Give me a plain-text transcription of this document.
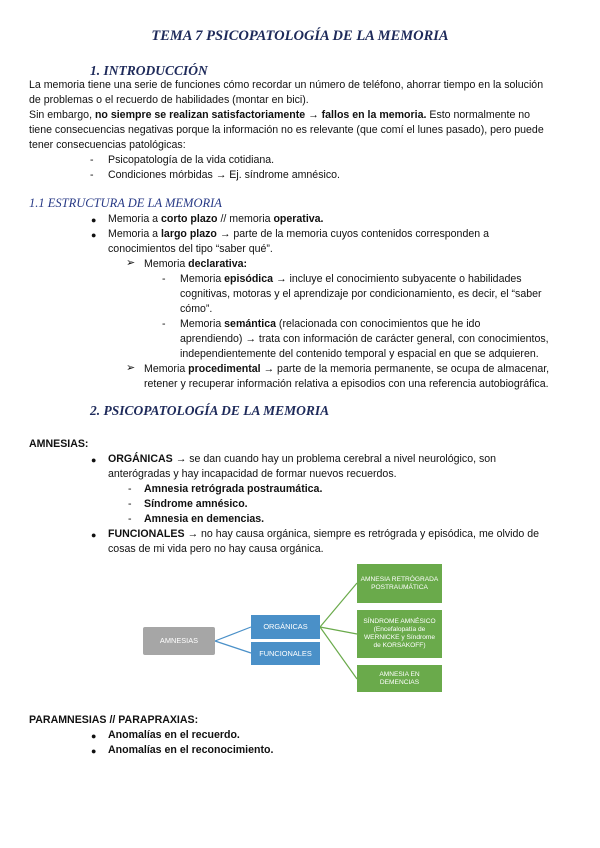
TEMA 7 PSICOPATOLOGÍA DE LA MEMORIA
1. INTRODUCCIÓN
La memoria tiene una serie de funciones cómo recordar un número de teléfono, ahorrar tiempo en la solución
de problemas o el recuerdo de habilidades (montar en bici).
Sin embargo, no siempre se realizan satisfactoriamente → fallos en la memoria. Esto normalmente no
tiene consecuencias negativas porque la información no es relevante (que comí el lunes pasado), pero puede
tener consecuencias patológicas:
- Psicopatología de la vida cotidiana.
- Condiciones mórbidas → Ej. síndrome amnésico.
1.1 ESTRUCTURA DE LA MEMORIA
● Memoria a corto plazo // memoria operativa.
● Memoria a largo plazo → parte de la memoria cuyos contenidos corresponden a
conocimientos del tipo “saber qué”.
➢ Memoria declarativa:
- Memoria episódica → incluye el conocimiento subyacente o habilidades
cognitivas, motoras y el aprendizaje por condicionamiento, es decir, el “saber
cómo”.
- Memoria semántica (relacionada con conocimientos que he ido
aprendiendo) → trata con información de carácter general, con conocimientos,
independientemente del contenido temporal y espacial en que se adquieren.
➢ Memoria procedimental → parte de la memoria permanente, se ocupa de almacenar,
retener y recuperar información relativa a episodios con una referencia autobiográfica.
2. PSICOPATOLOGÍA DE LA MEMORIA
AMNESIAS:
● ORGÁNICAS → se dan cuando hay un problema cerebral a nivel neurológico, son
anterógradas y hay incapacidad de formar nuevos recuerdos.
- Amnesia retrógrada postraumática.
- Síndrome amnésico.
- Amnesia en demencias.
● FUNCIONALES → no hay causa orgánica, siempre es retrógrada y episódica, me olvido de
cosas de mi vida pero no hay causa orgánica.
AMNESIAS
ORGÁNICAS
FUNCIONALES
AMNESIA RETRÓGRADA
POSTRAUMÁTICA
SÍNDROME AMNÉSICO
(Encefalopatía de
WERNICKE y Síndrome
de KORSAKOFF)
AMNESIA EN
DEMENCIAS
PARAMNESIAS // PARAPRAXIAS:
● Anomalías en el recuerdo.
● Anomalías en el reconocimiento.
